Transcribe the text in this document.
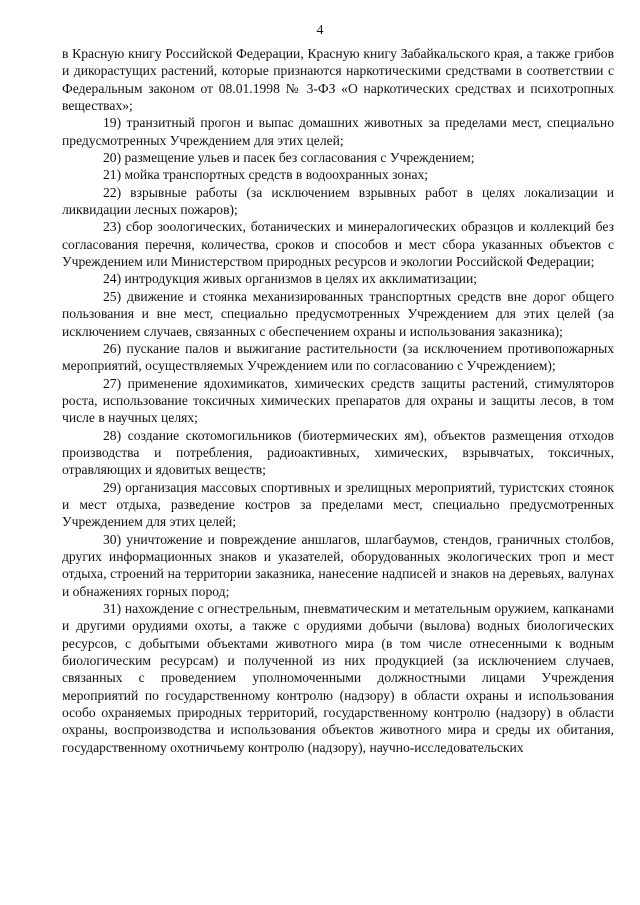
4

в Красную книгу Российской Федерации, Красную книгу Забайкальского края, а также грибов и дикорастущих растений, которые признаются наркотическими средствами в соответствии с Федеральным законом от 08.01.1998 № 3-ФЗ «О наркотических средствах и психотропных веществах»;

19) транзитный прогон и выпас домашних животных за пределами мест, специально предусмотренных Учреждением для этих целей;

20) размещение ульев и пасек без согласования с Учреждением;

21) мойка транспортных средств в водоохранных зонах;

22) взрывные работы (за исключением взрывных работ в целях локализации и ликвидации лесных пожаров);

23) сбор зоологических, ботанических и минералогических образцов и коллекций без согласования перечня, количества, сроков и способов и мест сбора указанных объектов с Учреждением или Министерством природных ресурсов и экологии Российской Федерации;

24) интродукция живых организмов в целях их акклиматизации;

25) движение и стоянка механизированных транспортных средств вне дорог общего пользования и вне мест, специально предусмотренных Учреждением для этих целей (за исключением случаев, связанных с обеспечением охраны и использования заказника);

26) пускание палов и выжигание растительности (за исключением противопожарных мероприятий, осуществляемых Учреждением или по согласованию с Учреждением);

27) применение ядохимикатов, химических средств защиты растений, стимуляторов роста, использование токсичных химических препаратов для охраны и защиты лесов, в том числе в научных целях;

28) создание скотомогильников (биотермических ям), объектов размещения отходов производства и потребления, радиоактивных, химических, взрывчатых, токсичных, отравляющих и ядовитых веществ;

29) организация массовых спортивных и зрелищных мероприятий, туристских стоянок и мест отдыха, разведение костров за пределами мест, специально предусмотренных Учреждением для этих целей;

30) уничтожение и повреждение аншлагов, шлагбаумов, стендов, граничных столбов, других информационных знаков и указателей, оборудованных экологических троп и мест отдыха, строений на территории заказника, нанесение надписей и знаков на деревьях, валунах и обнажениях горных пород;

31) нахождение с огнестрельным, пневматическим и метательным оружием, капканами и другими орудиями охоты, а также с орудиями добычи (вылова) водных биологических ресурсов, с добытыми объектами животного мира (в том числе отнесенными к водным биологическим ресурсам) и полученной из них продукцией (за исключением случаев, связанных с проведением уполномоченными должностными лицами Учреждения мероприятий по государственному контролю (надзору) в области охраны и использования особо охраняемых природных территорий, государственному контролю (надзору) в области охраны, воспроизводства и использования объектов животного мира и среды их обитания, государственному охотничьему контролю (надзору), научно-исследовательских
